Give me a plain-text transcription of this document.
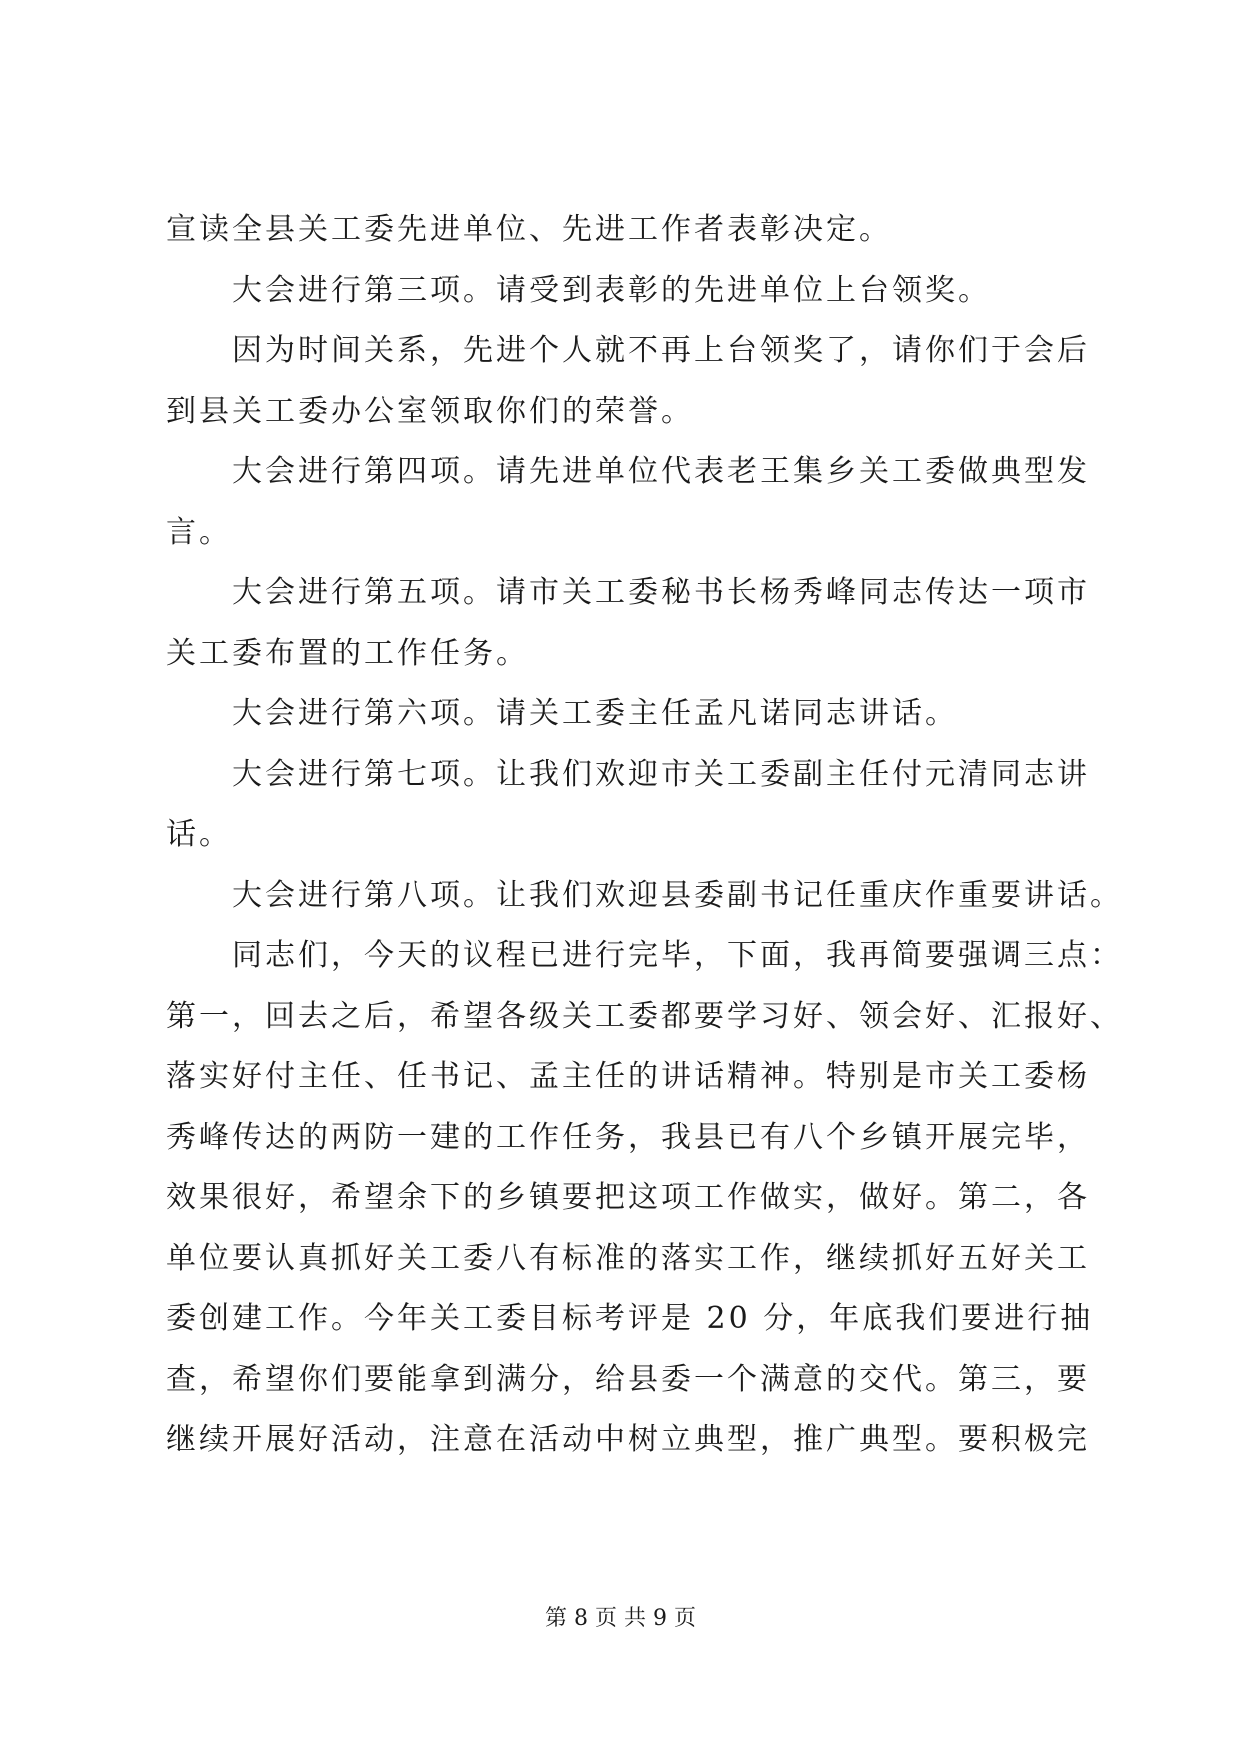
宣读全县关工委先进单位、先进工作者表彰决定。
大会进行第三项。请受到表彰的先进单位上台领奖。
因为时间关系，先进个人就不再上台领奖了，请你们于会后
到县关工委办公室领取你们的荣誉。
大会进行第四项。请先进单位代表老王集乡关工委做典型发
言。
大会进行第五项。请市关工委秘书长杨秀峰同志传达一项市
关工委布置的工作任务。
大会进行第六项。请关工委主任孟凡诺同志讲话。
大会进行第七项。让我们欢迎市关工委副主任付元清同志讲
话。
大会进行第八项。让我们欢迎县委副书记任重庆作重要讲话。
同志们，今天的议程已进行完毕，下面，我再简要强调三点：
第一，回去之后，希望各级关工委都要学习好、领会好、汇报好、
落实好付主任、任书记、孟主任的讲话精神。特别是市关工委杨
秀峰传达的两防一建的工作任务，我县已有八个乡镇开展完毕，
效果很好，希望余下的乡镇要把这项工作做实，做好。第二，各
单位要认真抓好关工委八有标准的落实工作，继续抓好五好关工
委创建工作。今年关工委目标考评是 20 分，年底我们要进行抽
查，希望你们要能拿到满分，给县委一个满意的交代。第三，要
继续开展好活动，注意在活动中树立典型，推广典型。要积极完
第 8 页 共 9 页
